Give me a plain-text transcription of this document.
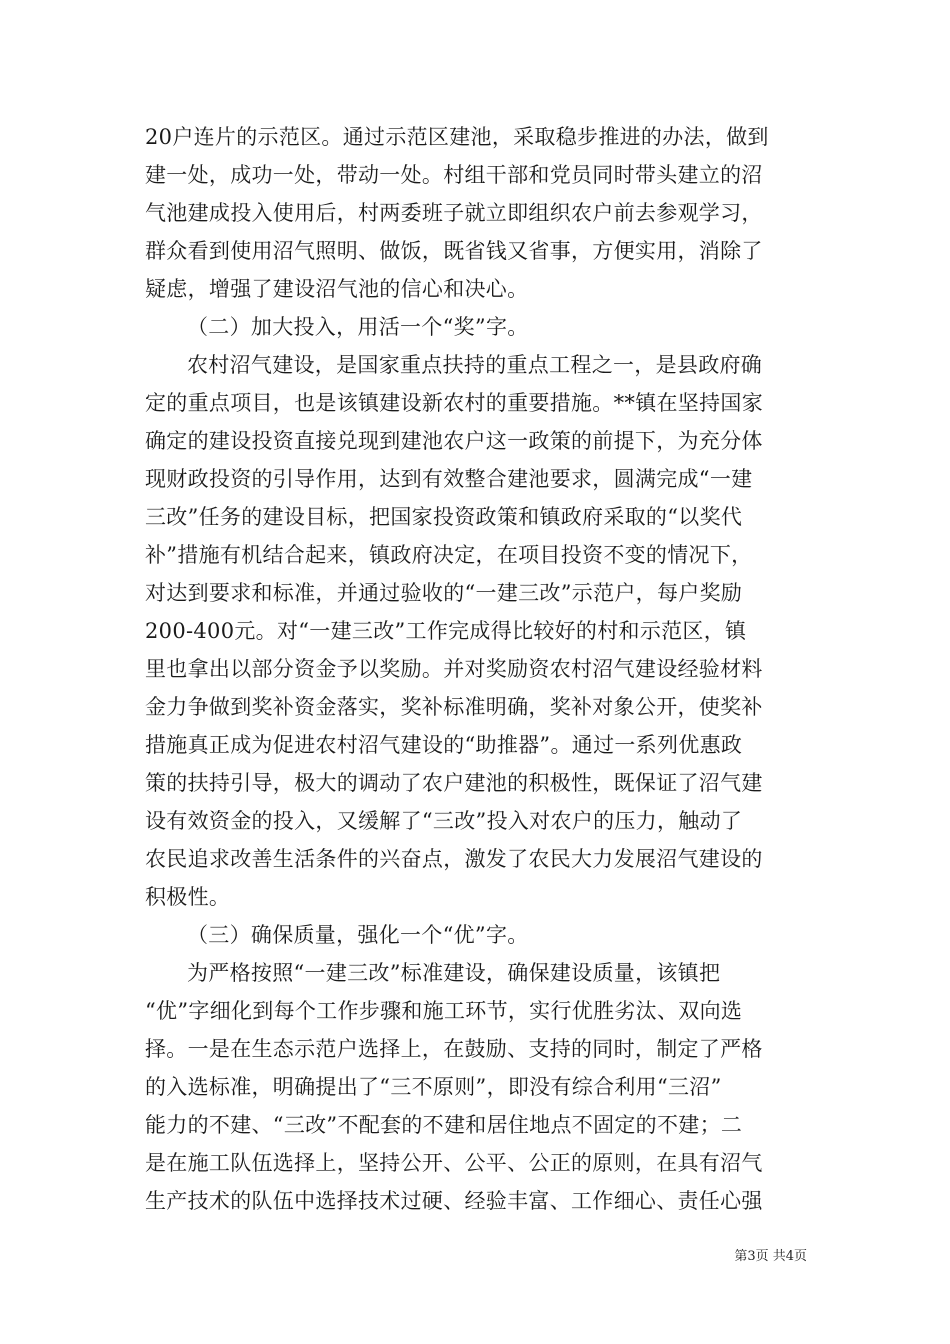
20户连片的示范区。通过示范区建池，采取稳步推进的办法，做到
建一处，成功一处，带动一处。村组干部和党员同时带头建立的沼
气池建成投入使用后，村两委班子就立即组织农户前去参观学习，
群众看到使用沼气照明、做饭，既省钱又省事，方便实用，消除了
疑虑，增强了建设沼气池的信心和决心。
（二）加大投入，用活一个“奖”字。
农村沼气建设，是国家重点扶持的重点工程之一，是县政府确
定的重点项目，也是该镇建设新农村的重要措施。**镇在坚持国家
确定的建设投资直接兑现到建池农户这一政策的前提下，为充分体
现财政投资的引导作用，达到有效整合建池要求，圆满完成“一建
三改”任务的建设目标，把国家投资政策和镇政府采取的“以奖代
补”措施有机结合起来，镇政府决定，在项目投资不变的情况下，
对达到要求和标准，并通过验收的“一建三改”示范户，每户奖励
200-400元。对“一建三改”工作完成得比较好的村和示范区，镇
里也拿出以部分资金予以奖励。并对奖励资农村沼气建设经验材料
金力争做到奖补资金落实，奖补标准明确，奖补对象公开，使奖补
措施真正成为促进农村沼气建设的“助推器”。通过一系列优惠政
策的扶持引导，极大的调动了农户建池的积极性，既保证了沼气建
设有效资金的投入，又缓解了“三改”投入对农户的压力，触动了
农民追求改善生活条件的兴奋点，激发了农民大力发展沼气建设的
积极性。
（三）确保质量，强化一个“优”字。
为严格按照“一建三改”标准建设，确保建设质量，该镇把
“优”字细化到每个工作步骤和施工环节，实行优胜劣汰、双向选
择。一是在生态示范户选择上，在鼓励、支持的同时，制定了严格
的入选标准，明确提出了“三不原则”，即没有综合利用“三沼”
能力的不建、“三改”不配套的不建和居住地点不固定的不建；二
是在施工队伍选择上，坚持公开、公平、公正的原则，在具有沼气
生产技术的队伍中选择技术过硬、经验丰富、工作细心、责任心强
第3页 共4页
